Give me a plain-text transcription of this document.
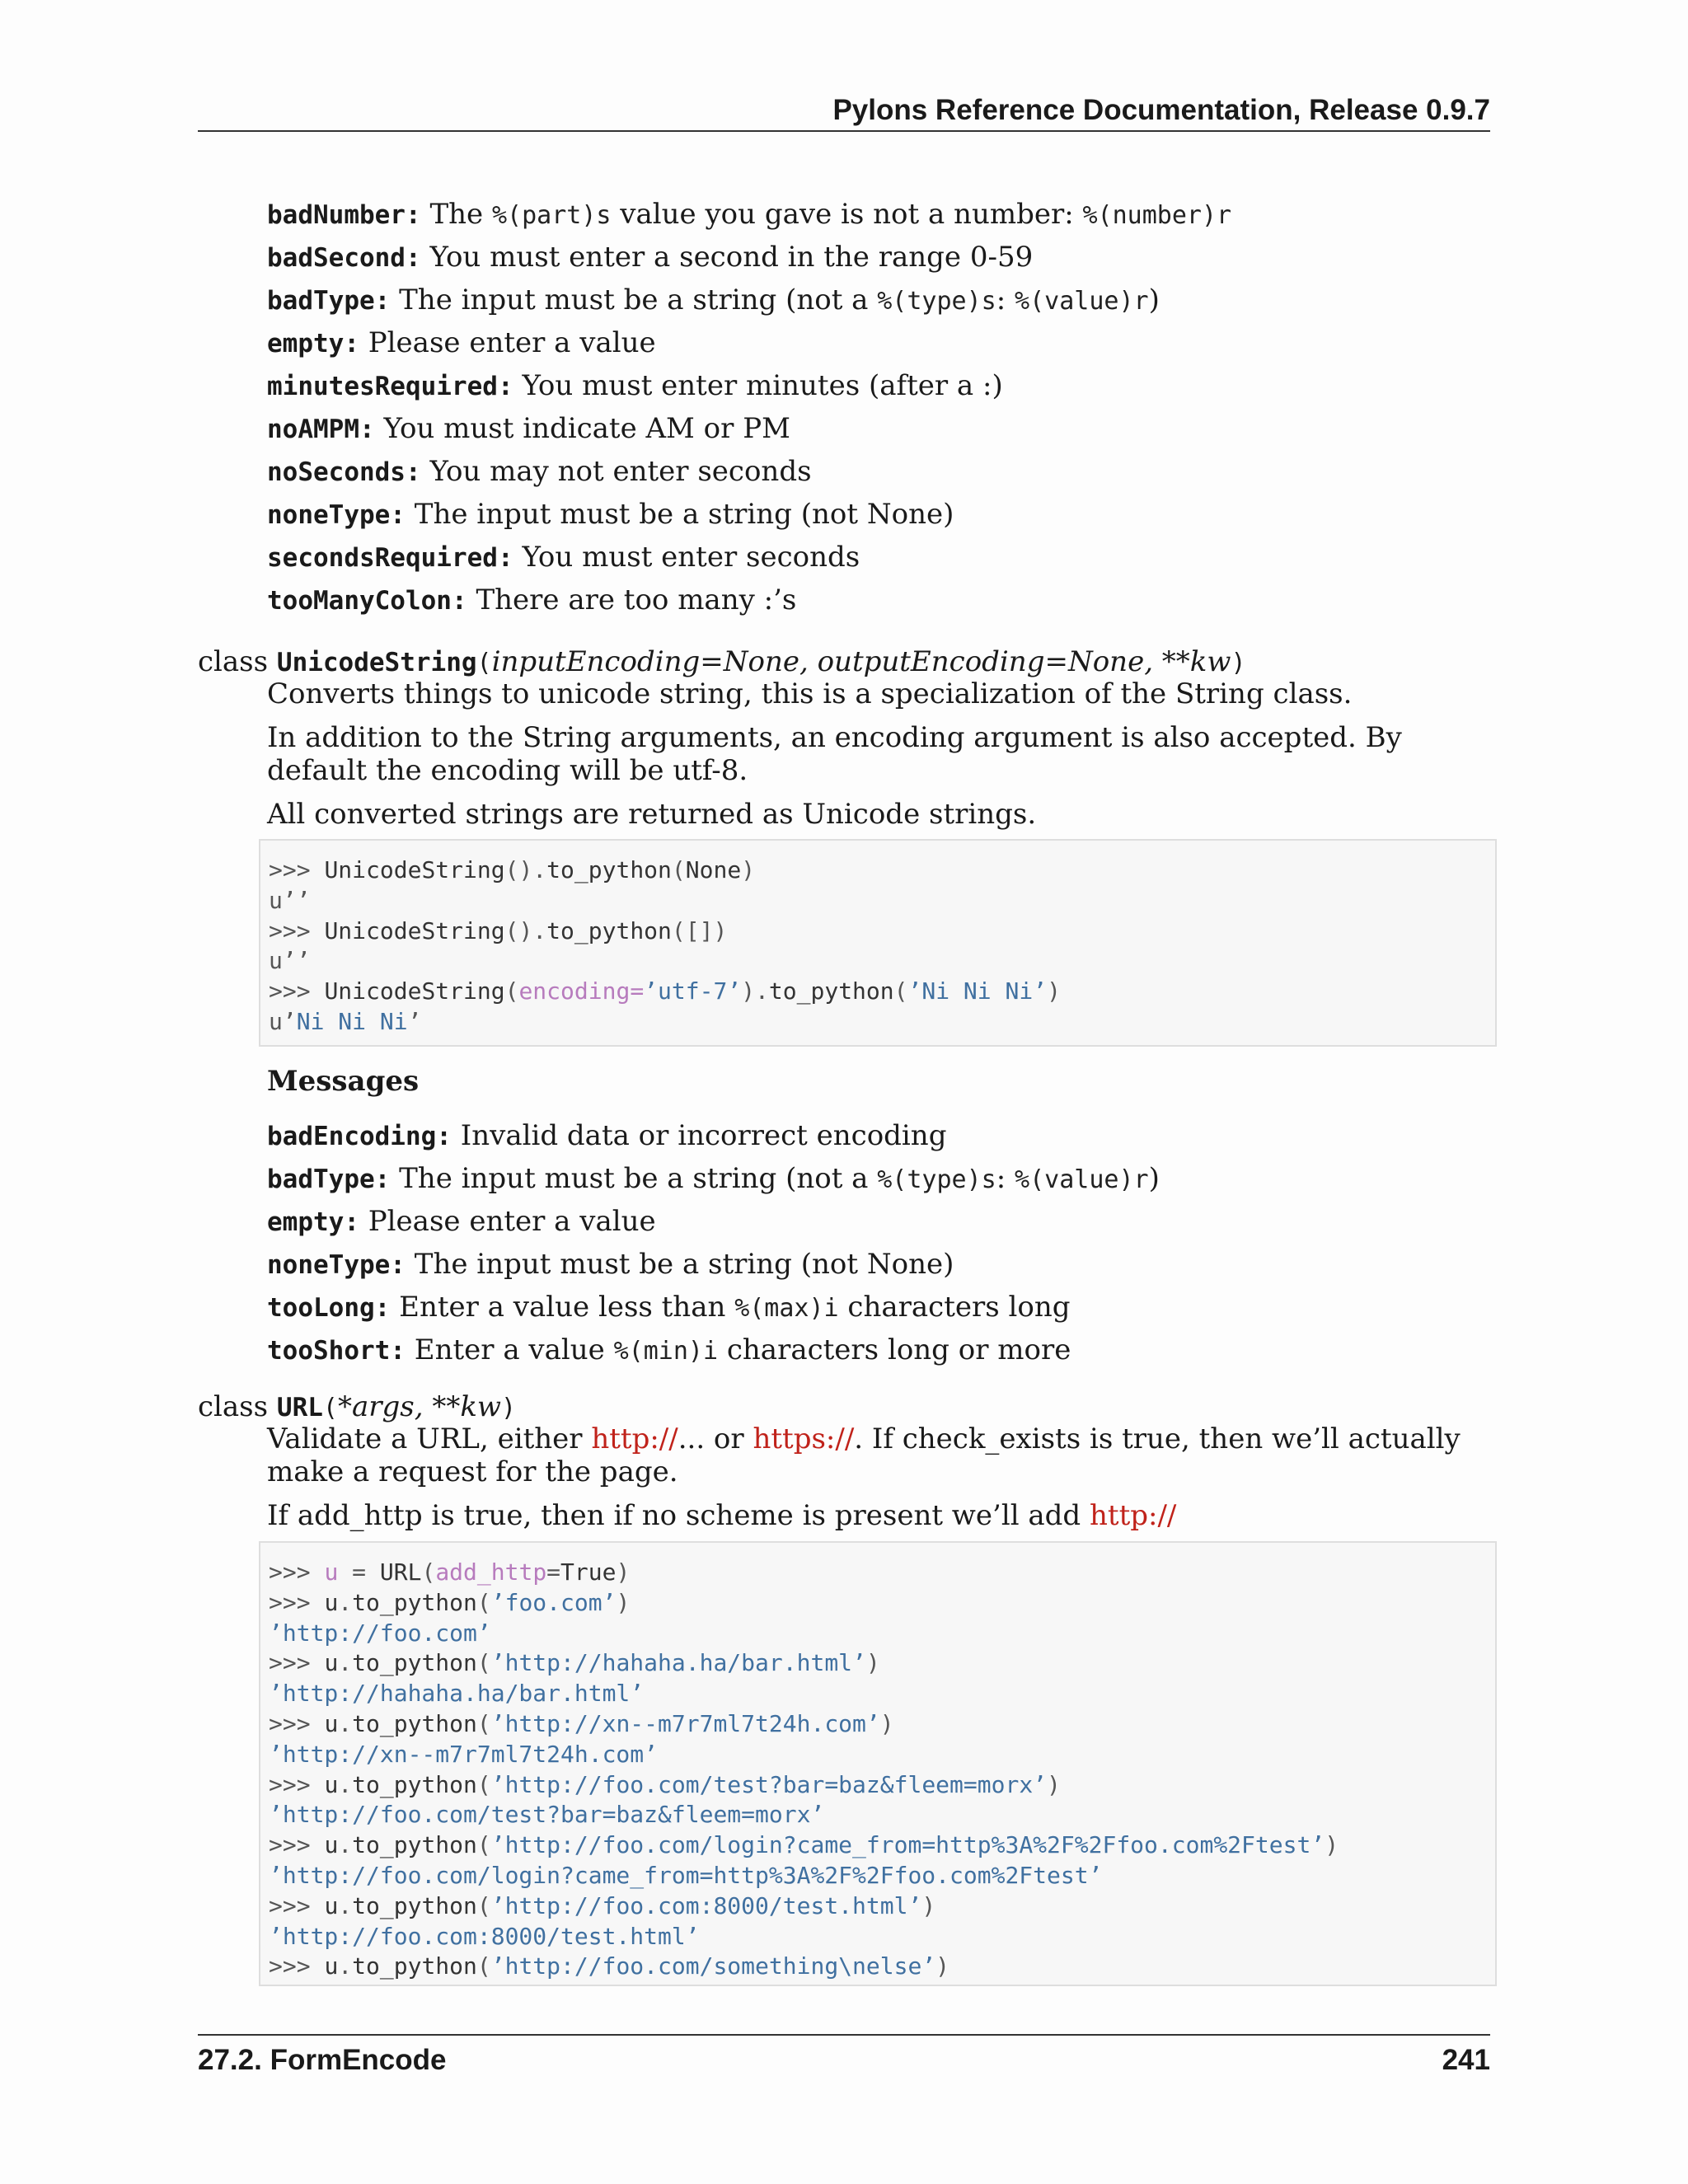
Pylons Reference Documentation, Release 0.9.7
badNumber: The %(part)s value you gave is not a number: %(number)r
badSecond: You must enter a second in the range 0-59
badType: The input must be a string (not a %(type)s: %(value)r)
empty: Please enter a value
minutesRequired: You must enter minutes (after a :)
noAMPM: You must indicate AM or PM
noSeconds: You may not enter seconds
noneType: The input must be a string (not None)
secondsRequired: You must enter seconds
tooManyColon: There are too many :’s
class UnicodeString(inputEncoding=None, outputEncoding=None, **kw)
Converts things to unicode string, this is a specialization of the String class.
In addition to the String arguments, an encoding argument is also accepted. By default the encoding will be utf-8.
All converted strings are returned as Unicode strings.
>>> UnicodeString().to_python(None)
u’’
>>> UnicodeString().to_python([])
u’’
>>> UnicodeString(encoding=’utf-7’).to_python(’Ni Ni Ni’)
u’Ni Ni Ni’
Messages
badEncoding: Invalid data or incorrect encoding
badType: The input must be a string (not a %(type)s: %(value)r)
empty: Please enter a value
noneType: The input must be a string (not None)
tooLong: Enter a value less than %(max)i characters long
tooShort: Enter a value %(min)i characters long or more
class URL(*args, **kw)
Validate a URL, either http://... or https://. If check_exists is true, then we’ll actually make a request for the page.
If add_http is true, then if no scheme is present we’ll add http://
>>> u = URL(add_http=True)
>>> u.to_python(’foo.com’)
’http://foo.com’
>>> u.to_python(’http://hahaha.ha/bar.html’)
’http://hahaha.ha/bar.html’
>>> u.to_python(’http://xn--m7r7ml7t24h.com’)
’http://xn--m7r7ml7t24h.com’
>>> u.to_python(’http://foo.com/test?bar=baz&fleem=morx’)
’http://foo.com/test?bar=baz&fleem=morx’
>>> u.to_python(’http://foo.com/login?came_from=http%3A%2F%2Ffoo.com%2Ftest’)
’http://foo.com/login?came_from=http%3A%2F%2Ffoo.com%2Ftest’
>>> u.to_python(’http://foo.com:8000/test.html’)
’http://foo.com:8000/test.html’
>>> u.to_python(’http://foo.com/something\nelse’)
27.2. FormEncode	241
